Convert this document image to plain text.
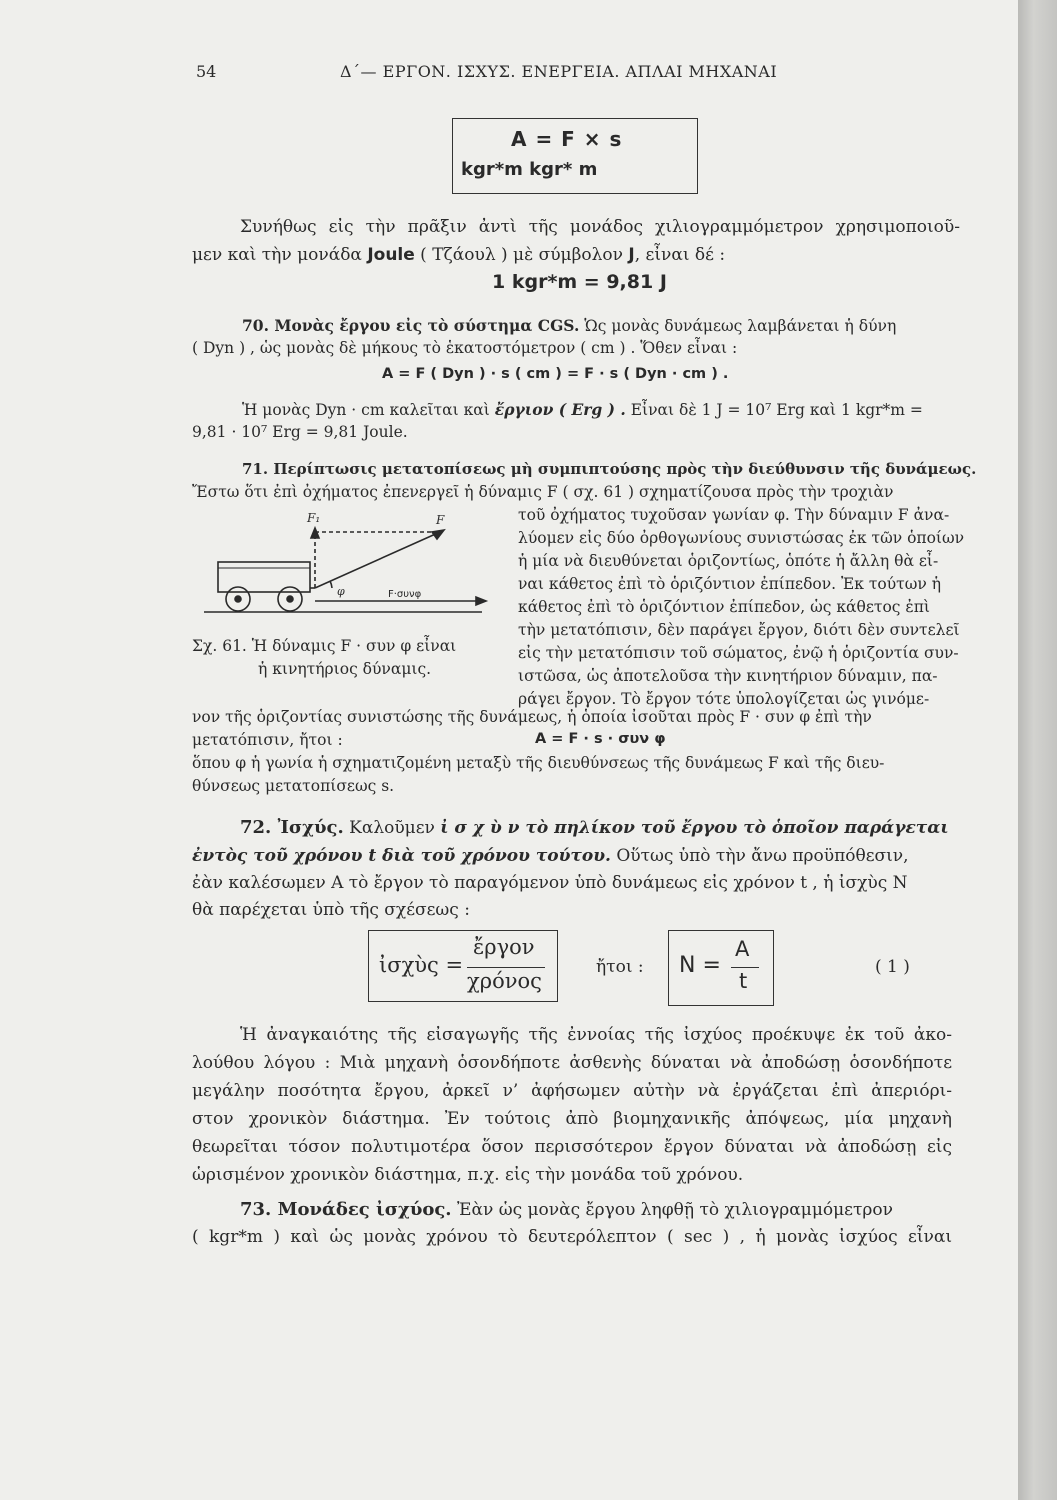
54	Δ΄— ΕΡΓΟΝ. ΙΣΧΥΣ. ΕΝΕΡΓΕΙΑ. ΑΠΛΑΙ ΜΗΧΑΝΑΙ
A = F × s
kgr*m kgr* m
Συνήθως εἰς τὴν πρᾶξιν ἀντὶ τῆς μονάδος χιλιογραμμόμετρον χρησιμοποιοῦ-
μεν καὶ τὴν μονάδα Joule ( Τζάουλ ) μὲ σύμβολον J, εἶναι δέ :
1 kgr*m = 9,81 J
70. Μονὰς ἔργου εἰς τὸ σύστημα CGS. Ὡς μονὰς δυνάμεως λαμβάνεται ἡ δύνη
( Dyn ) , ὡς μονὰς δὲ μήκους τὸ ἑκατοστόμετρον ( cm ) . Ὅθεν εἶναι :
A = F ( Dyn ) · s ( cm ) = F · s ( Dyn · cm ) .
Ἡ μονὰς Dyn · cm καλεῖται καὶ ἔργιον ( Erg ) . Εἶναι δὲ 1 J = 10⁷ Erg καὶ 1 kgr*m =
9,81 · 10⁷ Erg = 9,81 Joule.
71. Περίπτωσις μετατοπίσεως μὴ συμπιπτούσης πρὸς τὴν διεύθυνσιν τῆς δυνάμεως.
Ἔστω ὅτι ἐπὶ ὀχήματος ἐπενεργεῖ ἡ δύναμις F ( σχ. 61 ) σχηματίζουσα πρὸς τὴν τροχιὰν
τοῦ ὀχήματος τυχοῦσαν γωνίαν φ. Τὴν δύναμιν F ἀνα-
λύομεν εἰς δύο ὀρθογωνίους συνιστώσας ἐκ τῶν ὁποίων
ἡ μία νὰ διευθύνεται ὁριζοντίως, ὁπότε ἡ ἄλλη θὰ εἶ-
ναι κάθετος ἐπὶ τὸ ὁριζόντιον ἐπίπεδον. Ἐκ τούτων ἡ
κάθετος ἐπὶ τὸ ὁριζόντιον ἐπίπεδον, ὡς κάθετος ἐπὶ
τὴν μετατόπισιν, δὲν παράγει ἔργον, διότι δὲν συντελεῖ
εἰς τὴν μετατόπισιν τοῦ σώματος, ἐνῷ ἡ ὁριζοντία συν-
ιστῶσα, ὡς ἀποτελοῦσα τὴν κινητήριον δύναμιν, πα-
ράγει ἔργον. Τὸ ἔργον τότε ὑπολογίζεται ὡς γινόμε-
F₁	F
φ	F·συνφ
Σχ. 61. Ἡ δύναμις F · συν φ εἶναι
ἡ κινητήριος δύναμις.
νον τῆς ὁριζοντίας συνιστώσης τῆς δυνάμεως, ἡ ὁποία ἰσοῦται πρὸς F · συν φ ἐπὶ τὴν
μετατόπισιν, ἤτοι :	A = F · s · συν φ
ὅπου φ ἡ γωνία ἡ σχηματιζομένη μεταξὺ τῆς διευθύνσεως τῆς δυνάμεως F καὶ τῆς διευ-
θύνσεως μετατοπίσεως s.
72. Ἰσχύς. Καλοῦμεν ἰ σ χ ὺ ν τὸ πηλίκον τοῦ ἔργου τὸ ὁποῖον παράγεται
ἐντὸς τοῦ χρόνου t διὰ τοῦ χρόνου τούτου. Οὕτως ὑπὸ τὴν ἄνω προϋπόθεσιν,
ἐὰν καλέσωμεν A τὸ ἔργον τὸ παραγόμενον ὑπὸ δυνάμεως εἰς χρόνον t , ἡ ἰσχὺς N
θὰ παρέχεται ὑπὸ τῆς σχέσεως :
ἰσχὺς =
ἔργον
χρόνος
ἤτοι : N =
A
t
( 1 )
Ἡ ἀναγκαιότης τῆς εἰσαγωγῆς τῆς ἐννοίας τῆς ἰσχύος προέκυψε ἐκ τοῦ ἀκο-
λούθου λόγου : Μιὰ μηχανὴ ὁσονδήποτε ἀσθενὴς δύναται νὰ ἀποδώσῃ ὁσονδήποτε
μεγάλην ποσότητα ἔργου, ἀρκεῖ ν’ ἀφήσωμεν αὐτὴν νὰ ἐργάζεται ἐπὶ ἀπεριόρι-
στον χρονικὸν διάστημα. Ἐν τούτοις ἀπὸ βιομηχανικῆς ἀπόψεως, μία μηχανὴ
θεωρεῖται τόσον πολυτιμοτέρα ὅσον περισσότερον ἔργον δύναται νὰ ἀποδώσῃ εἰς
ὡρισμένον χρονικὸν διάστημα, π.χ. εἰς τὴν μονάδα τοῦ χρόνου.
73. Μονάδες ἰσχύος. Ἐὰν ὡς μονὰς ἔργου ληφθῇ τὸ χιλιογραμμόμετρον
( kgr*m ) καὶ ὡς μονὰς χρόνου τὸ δευτερόλεπτον ( sec ) , ἡ μονὰς ἰσχύος εἶναι
